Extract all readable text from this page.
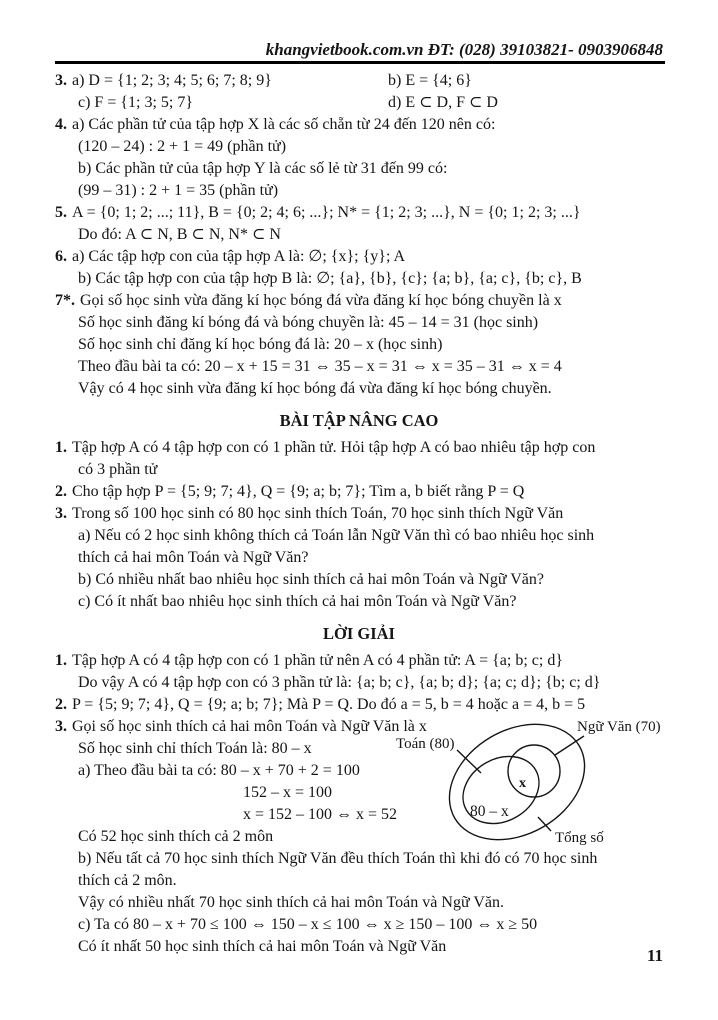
khangvietbook.com.vn ĐT: (028) 39103821- 0903906848
3. a) D = {1; 2; 3; 4; 5; 6; 7; 8; 9}	b) E = {4; 6}
c) F = {1; 3; 5; 7}	d) E ⊂ D, F ⊂ D
4. a) Các phần tử của tập hợp X là các số chẵn từ 24 đến 120 nên có:
(120 – 24) : 2 + 1 = 49 (phần tử)
b) Các phần tử của tập hợp Y là các số lẻ từ 31 đến 99 có:
(99 – 31) : 2 + 1 = 35 (phần tử)
5. A = {0; 1; 2; ...; 11}, B = {0; 2; 4; 6; ...}; N* = {1; 2; 3; ...}, N = {0; 1; 2; 3; ...}
Do đó: A ⊂ N, B ⊂ N, N* ⊂ N
6. a) Các tập hợp con của tập hợp A là: ∅; {x}; {y}; A
b) Các tập hợp con của tập hợp B là: ∅; {a}, {b}, {c}; {a; b}, {a; c}, {b; c}, B
7*. Gọi số học sinh vừa đăng kí học bóng đá vừa đăng kí học bóng chuyền là x
Số học sinh đăng kí bóng đá và bóng chuyền là: 45 – 14 = 31 (học sinh)
Số học sinh chỉ đăng kí học bóng đá là: 20 – x (học sinh)
Theo đầu bài ta có: 20 – x + 15 = 31 ⇔ 35 – x = 31 ⇔ x = 35 – 31 ⇔ x = 4
Vậy có 4 học sinh vừa đăng kí học bóng đá vừa đăng kí học bóng chuyền.
BÀI TẬP NÂNG CAO
1. Tập hợp A có 4 tập hợp con có 1 phần tử. Hỏi tập hợp A có bao nhiêu tập hợp con
có 3 phần tử
2. Cho tập hợp P = {5; 9; 7; 4}, Q = {9; a; b; 7}; Tìm a, b biết rằng P = Q
3. Trong số 100 học sinh có 80 học sinh thích Toán, 70 học sinh thích Ngữ Văn
a) Nếu có 2 học sinh không thích cả Toán lẫn Ngữ Văn thì có bao nhiêu học sinh
thích cả hai môn Toán và Ngữ Văn?
b) Có nhiều nhất bao nhiêu học sinh thích cả hai môn Toán và Ngữ Văn?
c) Có ít nhất bao nhiêu học sinh thích cả hai môn Toán và Ngữ Văn?
LỜI GIẢI
1. Tập hợp A có 4 tập hợp con có 1 phần tử nên A có 4 phần tử: A = {a; b; c; d}
Do vậy A có 4 tập hợp con có 3 phần tử là: {a; b; c}, {a; b; d}; {a; c; d}; {b; c; d}
2. P = {5; 9; 7; 4}, Q = {9; a; b; 7}; Mà P = Q. Do đó a = 5, b = 4 hoặc a = 4, b = 5
3. Gọi số học sinh thích cả hai môn Toán và Ngữ Văn là x
Số học sinh chỉ thích Toán là: 80 – x
a) Theo đầu bài ta có: 80 – x + 70 + 2 = 100
152 – x = 100
x = 152 – 100 ⇔ x = 52
Có 52 học sinh thích cả 2 môn
b) Nếu tất cả 70 học sinh thích Ngữ Văn đều thích Toán thì khi đó có 70 học sinh
thích cả 2 môn.
Vậy có nhiều nhất 70 học sinh thích cả hai môn Toán và Ngữ Văn.
c) Ta có 80 – x + 70 ≤ 100 ⇔ 150 – x ≤ 100 ⇔ x ≥ 150 – 100 ⇔ x ≥ 50
Có ít nhất 50 học sinh thích cả hai môn Toán và Ngữ Văn
Toán (80)
Ngữ Văn (70)
Tổng số
80 – x
x
11
